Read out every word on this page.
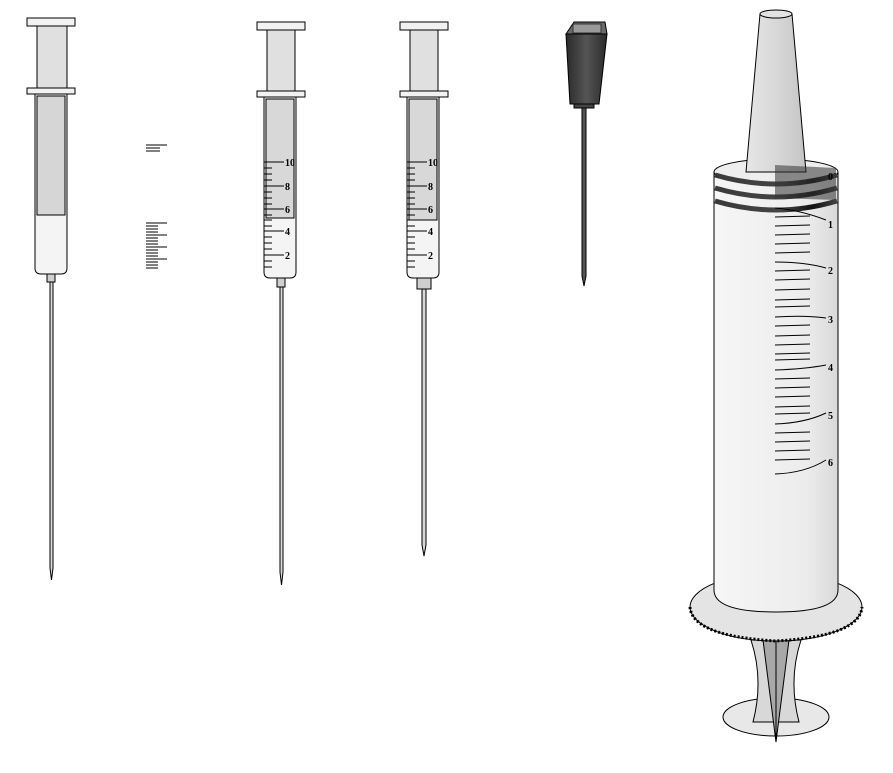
10
8
6
4
2
10
8
6
4
2
0
1
2
3
4
5
6
